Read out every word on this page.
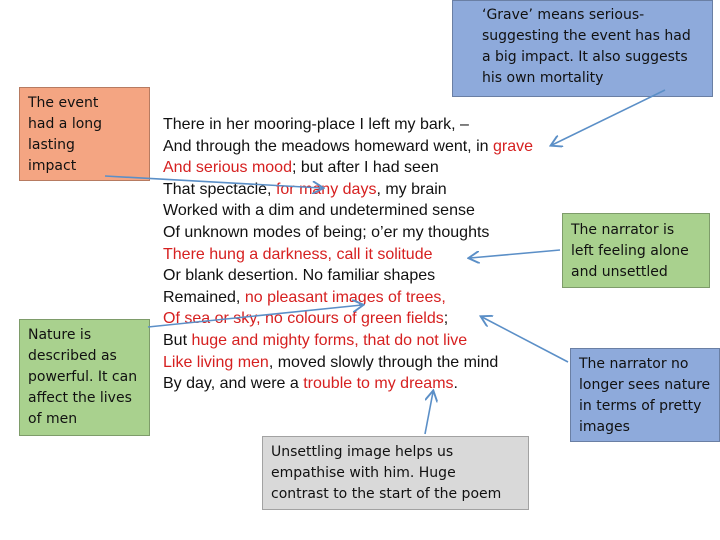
‘Grave’ means serious-
suggesting the event has had
a big impact. It also suggests
his own mortality
The event
had a long
lasting
impact
Nature is
described as
powerful. It can
affect the lives
of men
The narrator is
left feeling alone
and unsettled
The narrator no
longer sees nature
in terms of pretty
images
Unsettling image helps us
empathise with him. Huge
contrast to the start of the poem
There in her mooring-place I left my bark, –
And through the meadows homeward went, in grave
And serious mood; but after I had seen
That spectacle, for many days, my brain
Worked with a dim and undetermined sense
Of unknown modes of being; o’er my thoughts
There hung a darkness, call it solitude
Or blank desertion. No familiar shapes
Remained, no pleasant images of trees,
Of sea or sky, no colours of green fields;
But huge and mighty forms, that do not live
Like living men, moved slowly through the mind
By day, and were a trouble to my dreams.
